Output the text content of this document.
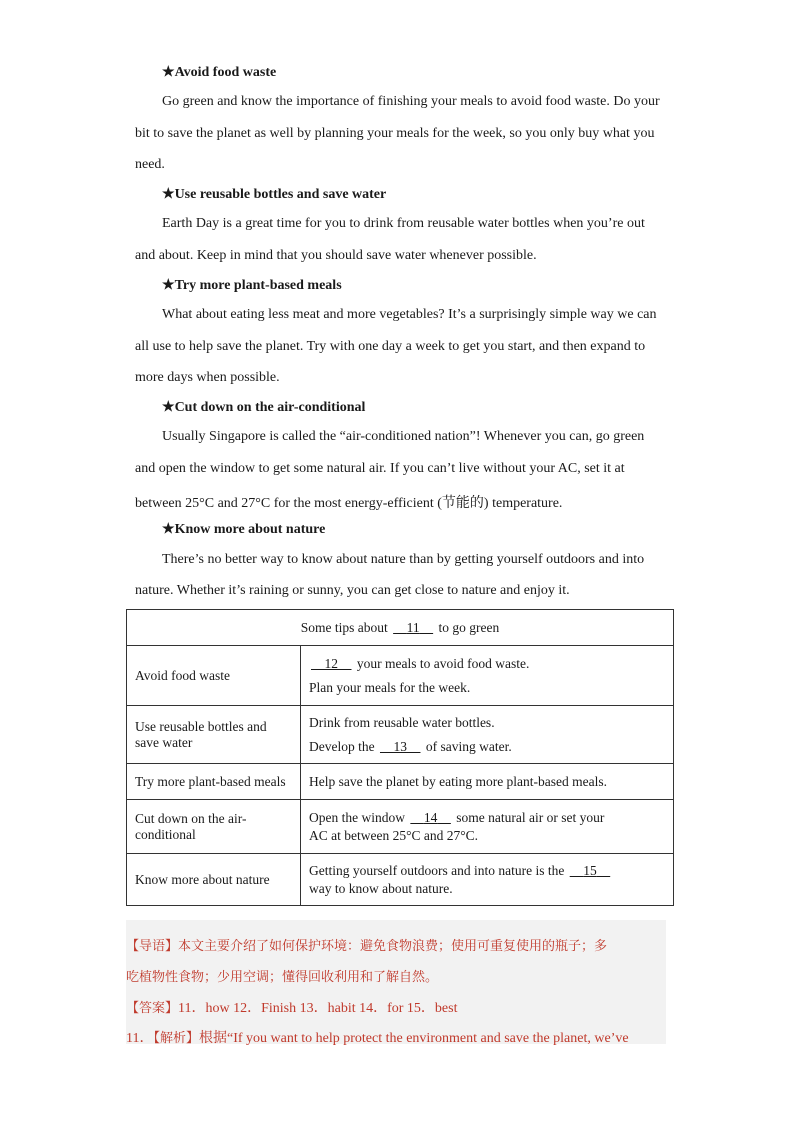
★Avoid food waste
Go green and know the importance of finishing your meals to avoid food waste. Do your
bit to save the planet as well by planning your meals for the week, so you only buy what you
need.
★Use reusable bottles and save water
Earth Day is a great time for you to drink from reusable water bottles when you’re out
and about. Keep in mind that you should save water whenever possible.
★Try more plant-based meals
What about eating less meat and more vegetables? It’s a surprisingly simple way we can
all use to help save the planet. Try with one day a week to get you start, and then expand to
more days when possible.
★Cut down on the air-conditional
Usually Singapore is called the “air-conditioned nation”! Whenever you can, go green
and open the window to get some natural air. If you can’t live without your AC, set it at
between 25°C and 27°C for the most energy-efficient (节能的) temperature.
★Know more about nature
There’s no better way to know about nature than by getting yourself outdoors and into
nature. Whether it’s raining or sunny, you can get close to nature and enjoy it.
Some tips about 11 to go green	
Avoid food waste	12 your meals to avoid food waste.
Plan your meals for the week.

Use reusable bottles and save water	Drink from reusable water bottles.
Develop the 13 of saving water.

Try more plant-based meals	Help save the planet by eating more plant-based meals.
Cut down on the air-conditional	Open the window 14 some natural air or set your
AC at between 25°C and 27°C.

Know more about nature	Getting yourself outdoors and into nature is the 15
way to know about nature.
【导语】本文主要介绍了如何保护环境：避免食物浪费；使用可重复使用的瓶子；多
吃植物性食物；少用空调；懂得回收利用和了解自然。
【答案】11．how 12．Finish 13．habit 14．for 15．best
11．【解析】根据“If you want to help protect the environment and save the planet, we’ve
